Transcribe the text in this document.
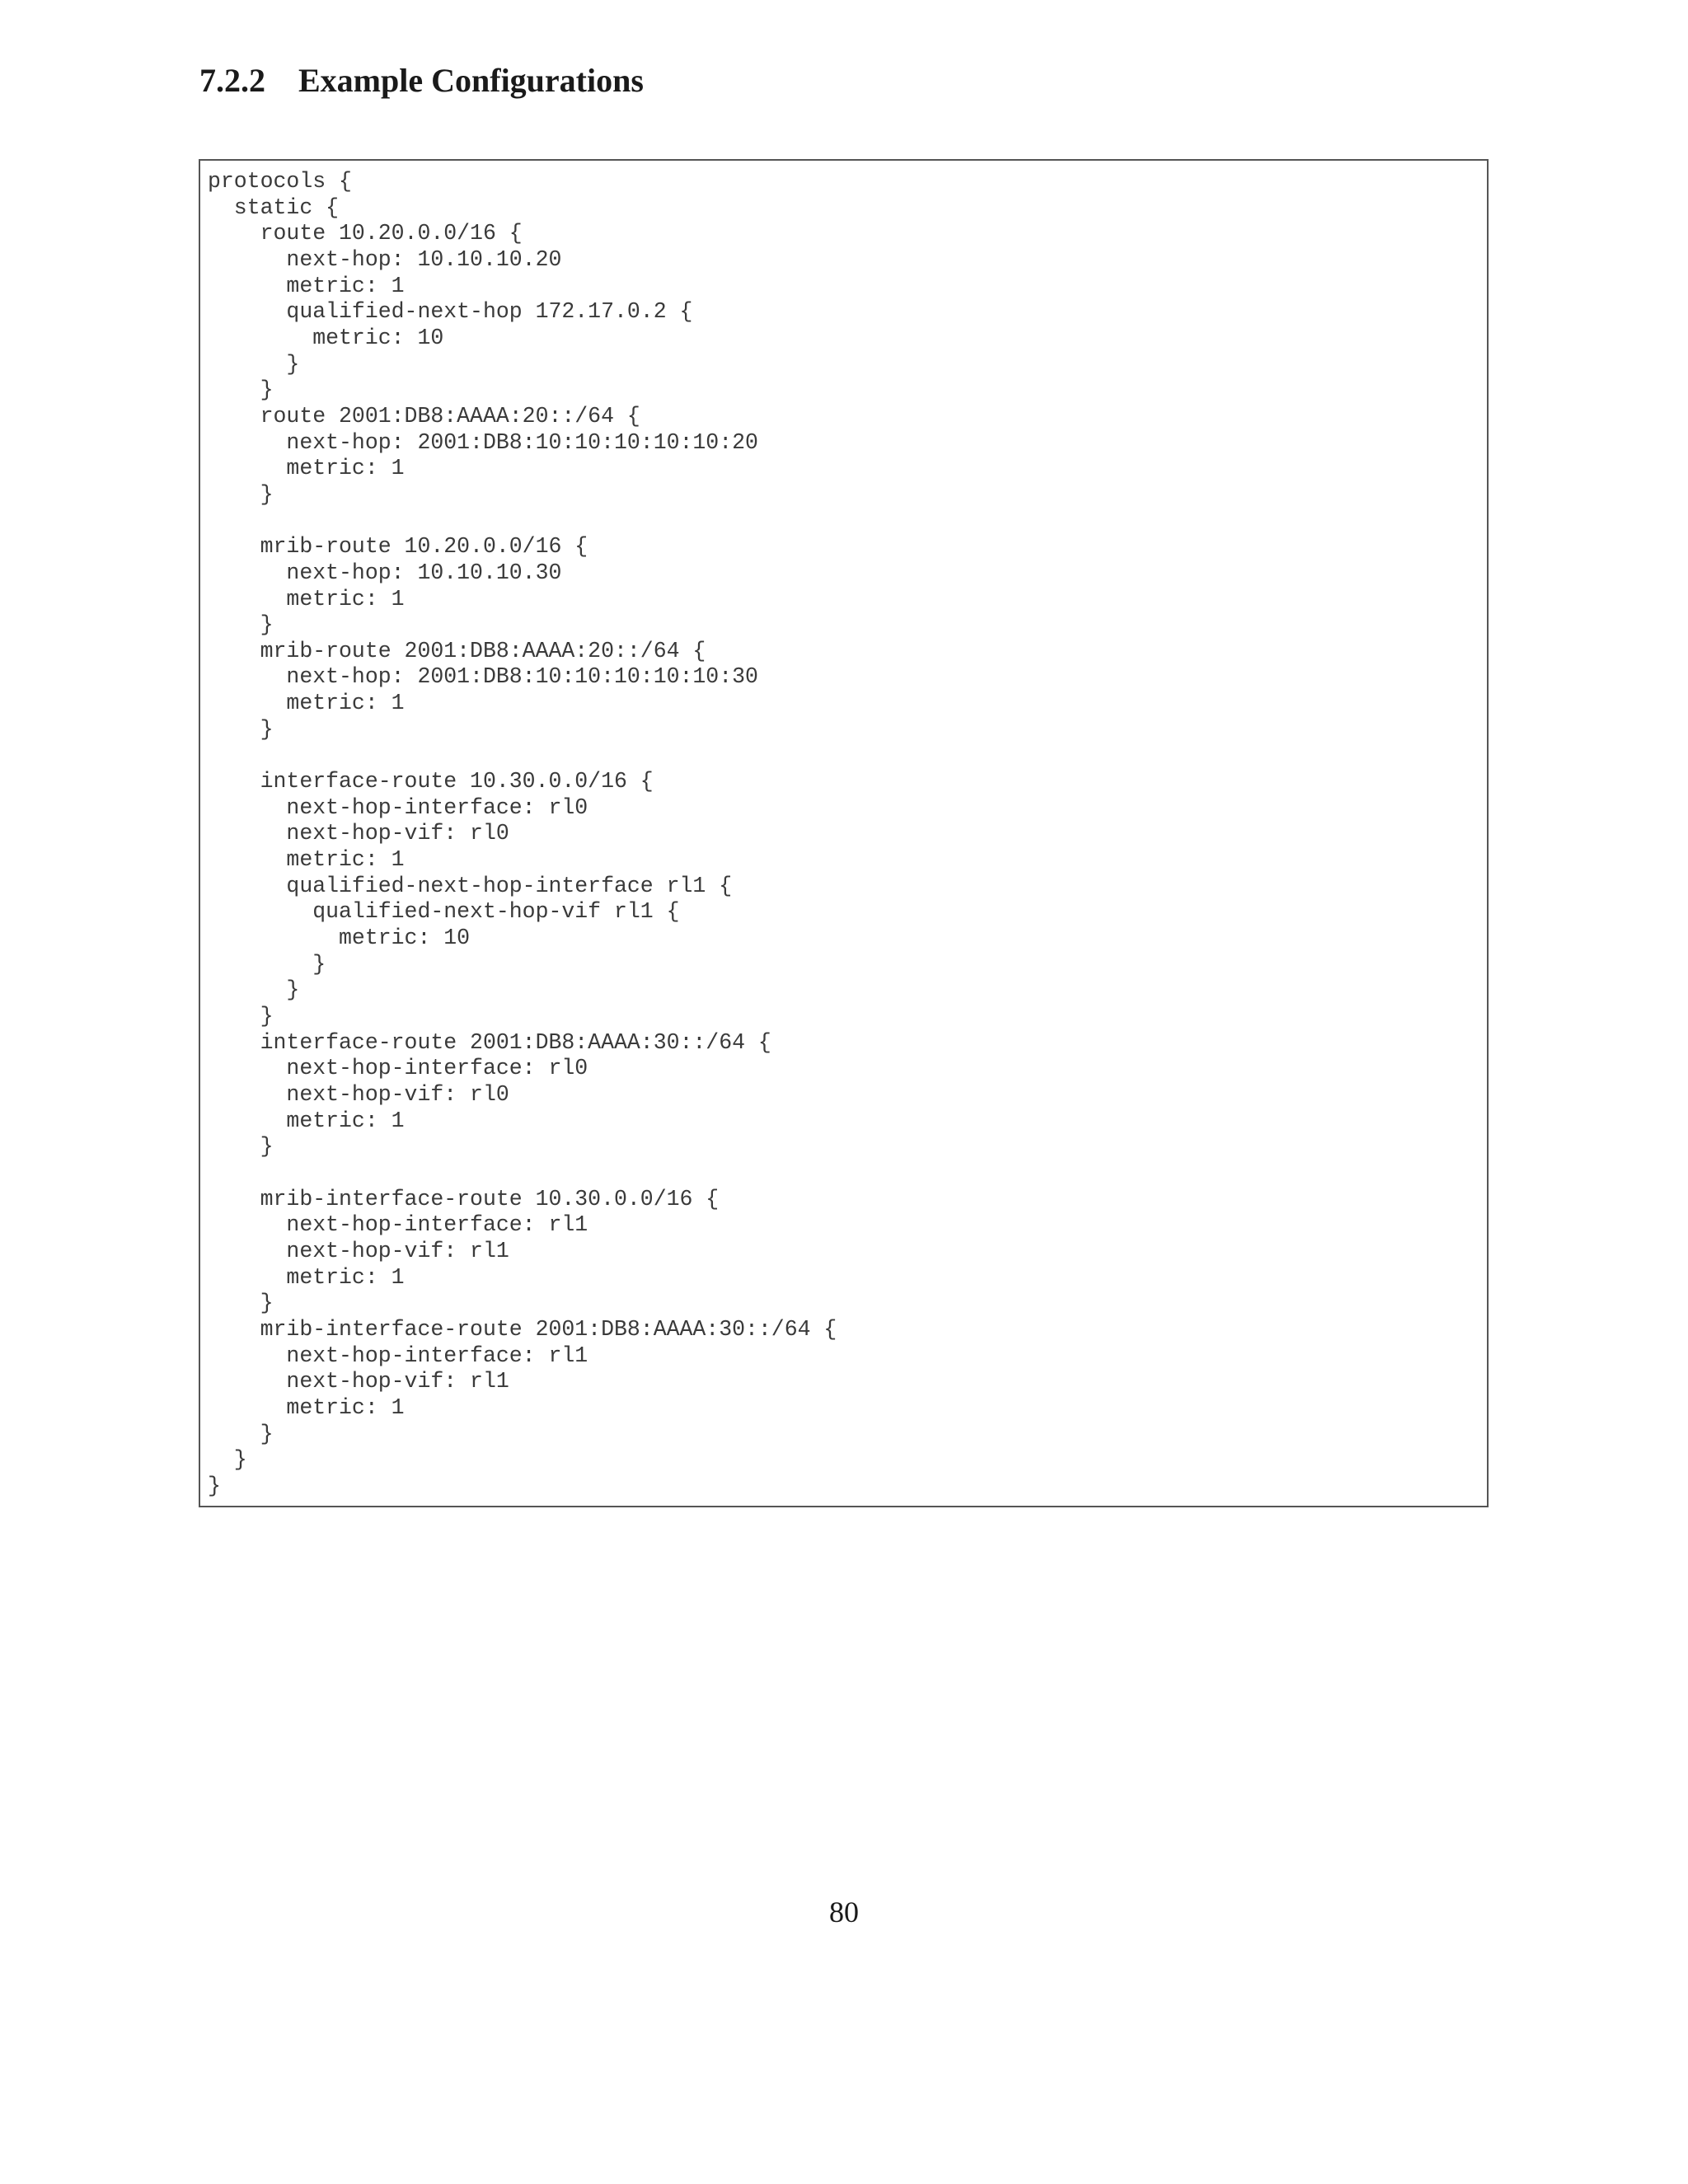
7.2.2 Example Configurations
protocols {
static {
route 10.20.0.0/16 {
next-hop: 10.10.10.20
metric: 1
qualified-next-hop 172.17.0.2 {
metric: 10
}
}
route 2001:DB8:AAAA:20::/64 {
next-hop: 2001:DB8:10:10:10:10:10:20
metric: 1
}

mrib-route 10.20.0.0/16 {
next-hop: 10.10.10.30
metric: 1
}
mrib-route 2001:DB8:AAAA:20::/64 {
next-hop: 2001:DB8:10:10:10:10:10:30
metric: 1
}

interface-route 10.30.0.0/16 {
next-hop-interface: rl0
next-hop-vif: rl0
metric: 1
qualified-next-hop-interface rl1 {
qualified-next-hop-vif rl1 {
metric: 10
}
}
}
interface-route 2001:DB8:AAAA:30::/64 {
next-hop-interface: rl0
next-hop-vif: rl0
metric: 1
}

mrib-interface-route 10.30.0.0/16 {
next-hop-interface: rl1
next-hop-vif: rl1
metric: 1
}
mrib-interface-route 2001:DB8:AAAA:30::/64 {
next-hop-interface: rl1
next-hop-vif: rl1
metric: 1
}
}
}
80
